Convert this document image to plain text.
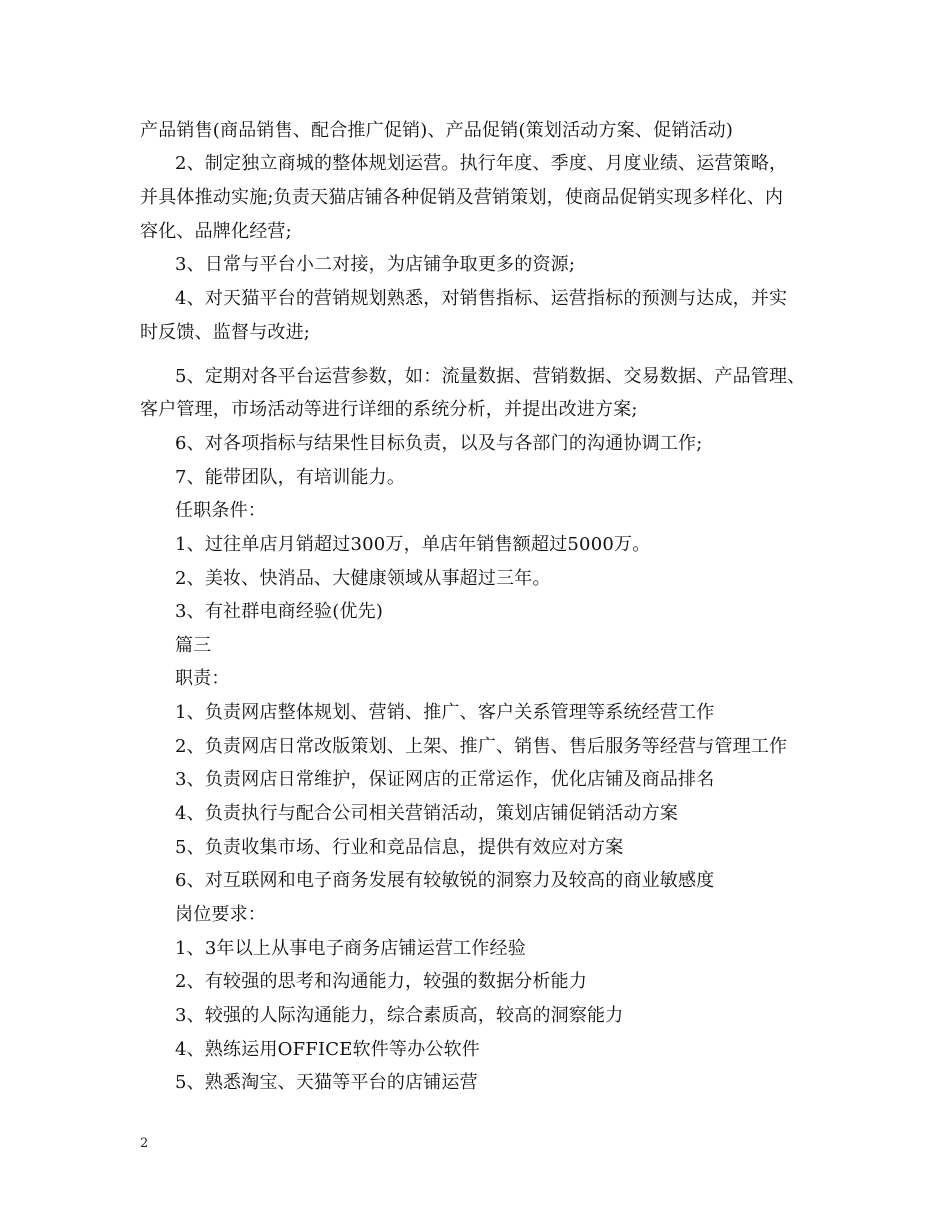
产品销售(商品销售、配合推广促销)、产品促销(策划活动方案、促销活动)
2、制定独立商城的整体规划运营。执行年度、季度、月度业绩、运营策略，
并具体推动实施;负责天猫店铺各种促销及营销策划，使商品促销实现多样化、内
容化、品牌化经营;
3、日常与平台小二对接，为店铺争取更多的资源;
4、对天猫平台的营销规划熟悉，对销售指标、运营指标的预测与达成，并实
时反馈、监督与改进;
5、定期对各平台运营参数，如：流量数据、营销数据、交易数据、产品管理、
客户管理，市场活动等进行详细的系统分析，并提出改进方案;
6、对各项指标与结果性目标负责，以及与各部门的沟通协调工作;
7、能带团队，有培训能力。
任职条件：
1、过往单店月销超过300万，单店年销售额超过5000万。
2、美妆、快消品、大健康领域从事超过三年。
3、有社群电商经验(优先)
篇三
职责：
1、负责网店整体规划、营销、推广、客户关系管理等系统经营工作
2、负责网店日常改版策划、上架、推广、销售、售后服务等经营与管理工作
3、负责网店日常维护，保证网店的正常运作，优化店铺及商品排名
4、负责执行与配合公司相关营销活动，策划店铺促销活动方案
5、负责收集市场、行业和竞品信息，提供有效应对方案
6、对互联网和电子商务发展有较敏锐的洞察力及较高的商业敏感度
岗位要求：
1、3年以上从事电子商务店铺运营工作经验
2、有较强的思考和沟通能力，较强的数据分析能力
3、较强的人际沟通能力，综合素质高，较高的洞察能力
4、熟练运用OFFICE软件等办公软件
5、熟悉淘宝、天猫等平台的店铺运营
2
